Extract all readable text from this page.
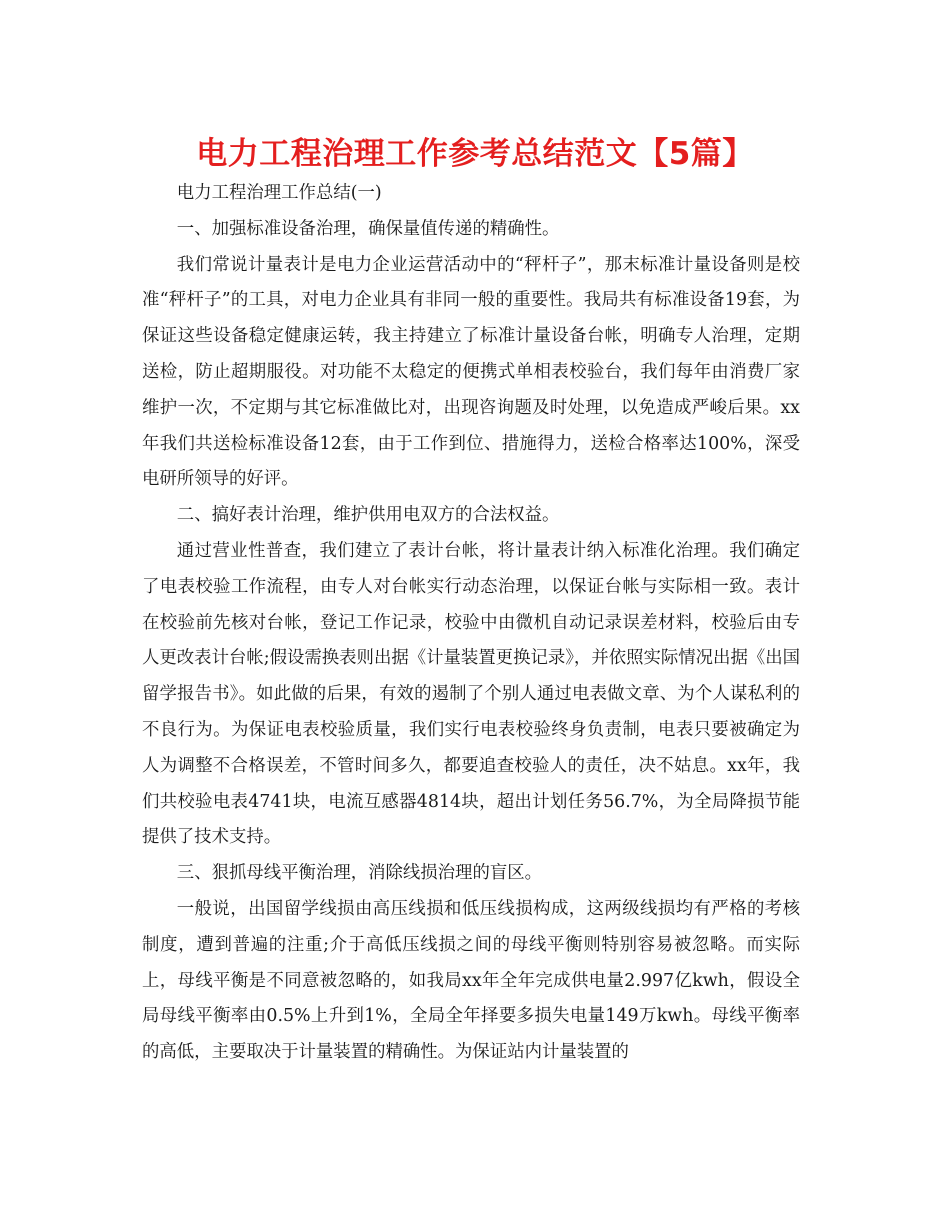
电力工程治理工作参考总结范文【5篇】

电力工程治理工作总结(一)

一、加强标准设备治理，确保量值传递的精确性。

我们常说计量表计是电力企业运营活动中的“秤杆子”，那末标准计量设备则是校准“秤杆子”的工具，对电力企业具有非同一般的重要性。我局共有标准设备19套，为保证这些设备稳定健康运转，我主持建立了标准计量设备台帐，明确专人治理，定期送检，防止超期服役。对功能不太稳定的便携式单相表校验台，我们每年由消费厂家维护一次，不定期与其它标准做比对，出现咨询题及时处理，以免造成严峻后果。xx年我们共送检标准设备12套，由于工作到位、措施得力，送检合格率达100%，深受电研所领导的好评。

二、搞好表计治理，维护供用电双方的合法权益。

通过营业性普查，我们建立了表计台帐，将计量表计纳入标准化治理。我们确定了电表校验工作流程，由专人对台帐实行动态治理，以保证台帐与实际相一致。表计在校验前先核对台帐，登记工作记录，校验中由微机自动记录误差材料，校验后由专人更改表计台帐;假设需换表则出据《计量装置更换记录》，并依照实际情况出据《出国留学报告书》。如此做的后果，有效的遏制了个别人通过电表做文章、为个人谋私利的不良行为。为保证电表校验质量，我们实行电表校验终身负责制，电表只要被确定为人为调整不合格误差，不管时间多久，都要追查校验人的责任，决不姑息。xx年，我们共校验电表4741块，电流互感器4814块，超出计划任务56.7%，为全局降损节能提供了技术支持。

三、狠抓母线平衡治理，消除线损治理的盲区。

一般说，出国留学线损由高压线损和低压线损构成，这两级线损均有严格的考核制度，遭到普遍的注重;介于高低压线损之间的母线平衡则特别容易被忽略。而实际上，母线平衡是不同意被忽略的，如我局xx年全年完成供电量2.997亿kwh，假设全局母线平衡率由0.5%上升到1%，全局全年择要多损失电量149万kwh。母线平衡率的高低，主要取决于计量装置的精确性。为保证站内计量装置的
